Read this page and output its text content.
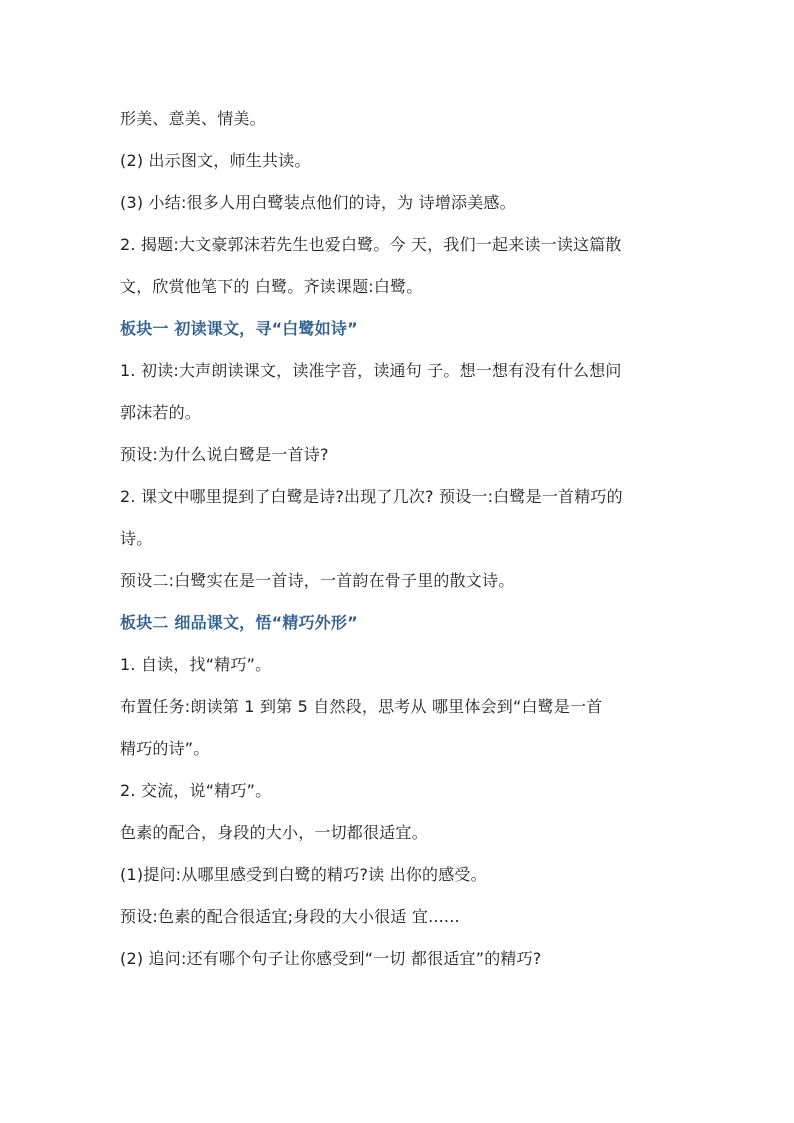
形美、意美、情美。
(2) 出示图文，师生共读。
(3) 小结:很多人用白鹭装点他们的诗，为 诗增添美感。
2. 揭题:大文豪郭沫若先生也爱白鹭。今 天，我们一起来读一读这篇散
文，欣赏他笔下的 白鹭。齐读课题:白鹭。
板块一 初读课文，寻“白鹭如诗”
1. 初读:大声朗读课文，读准字音，读通句 子。想一想有没有什么想问
郭沫若的。
预设:为什么说白鹭是一首诗?
2. 课文中哪里提到了白鹭是诗?出现了几次? 预设一:白鹭是一首精巧的
诗。
预设二:白鹭实在是一首诗，一首韵在骨子里的散文诗。
板块二 细品课文，悟“精巧外形”
1. 自读，找“精巧”。
布置任务:朗读第 1 到第 5 自然段，思考从 哪里体会到“白鹭是一首
精巧的诗”。
2. 交流，说“精巧”。
色素的配合，身段的大小，一切都很适宜。
(1)提问:从哪里感受到白鹭的精巧?读 出你的感受。
预设:色素的配合很适宜;身段的大小很适 宜......
(2) 追问:还有哪个句子让你感受到“一切 都很适宜”的精巧?
